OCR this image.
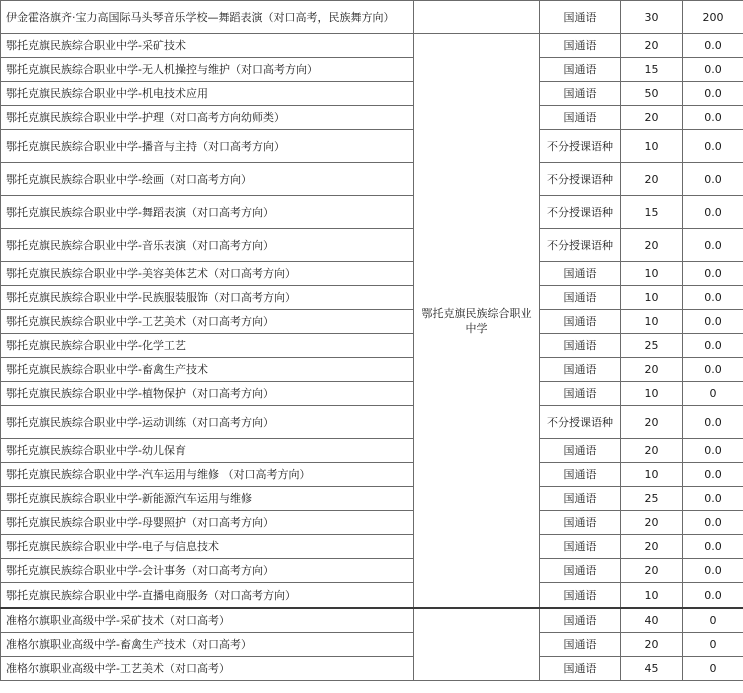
伊金霍洛旗齐·宝力高国际马头琴音乐学校—舞蹈表演（对口高考，民族舞方向）		国通语	30	200
鄂托克旗民族综合职业中学-采矿技术	鄂托克旗民族综合职业中学	国通语	20	0.0
鄂托克旗民族综合职业中学-无人机操控与维护（对口高考方向）		国通语	15	0.0
鄂托克旗民族综合职业中学-机电技术应用		国通语	50	0.0
鄂托克旗民族综合职业中学-护理（对口高考方向幼师类）		国通语	20	0.0
鄂托克旗民族综合职业中学-播音与主持（对口高考方向）		不分授课语种	10	0.0
鄂托克旗民族综合职业中学-绘画（对口高考方向）		不分授课语种	20	0.0
鄂托克旗民族综合职业中学-舞蹈表演（对口高考方向）		不分授课语种	15	0.0
鄂托克旗民族综合职业中学-音乐表演（对口高考方向）		不分授课语种	20	0.0
鄂托克旗民族综合职业中学-美容美体艺术（对口高考方向）		国通语	10	0.0
鄂托克旗民族综合职业中学-民族服装服饰（对口高考方向）		国通语	10	0.0
鄂托克旗民族综合职业中学-工艺美术（对口高考方向）		国通语	10	0.0
鄂托克旗民族综合职业中学-化学工艺		国通语	25	0.0
鄂托克旗民族综合职业中学-畜禽生产技术		国通语	20	0.0
鄂托克旗民族综合职业中学-植物保护（对口高考方向）		国通语	10	0
鄂托克旗民族综合职业中学-运动训练（对口高考方向）		不分授课语种	20	0.0
鄂托克旗民族综合职业中学-幼儿保育		国通语	20	0.0
鄂托克旗民族综合职业中学-汽车运用与维修 （对口高考方向）		国通语	10	0.0
鄂托克旗民族综合职业中学-新能源汽车运用与维修		国通语	25	0.0
鄂托克旗民族综合职业中学-母婴照护（对口高考方向）		国通语	20	0.0
鄂托克旗民族综合职业中学-电子与信息技术		国通语	20	0.0
鄂托克旗民族综合职业中学-会计事务（对口高考方向）		国通语	20	0.0
鄂托克旗民族综合职业中学-直播电商服务（对口高考方向）		国通语	10	0.0
准格尔旗职业高级中学-采矿技术（对口高考）		国通语	40	0
准格尔旗职业高级中学-畜禽生产技术（对口高考）		国通语	20	0
准格尔旗职业高级中学-工艺美术（对口高考）		国通语	45	0
